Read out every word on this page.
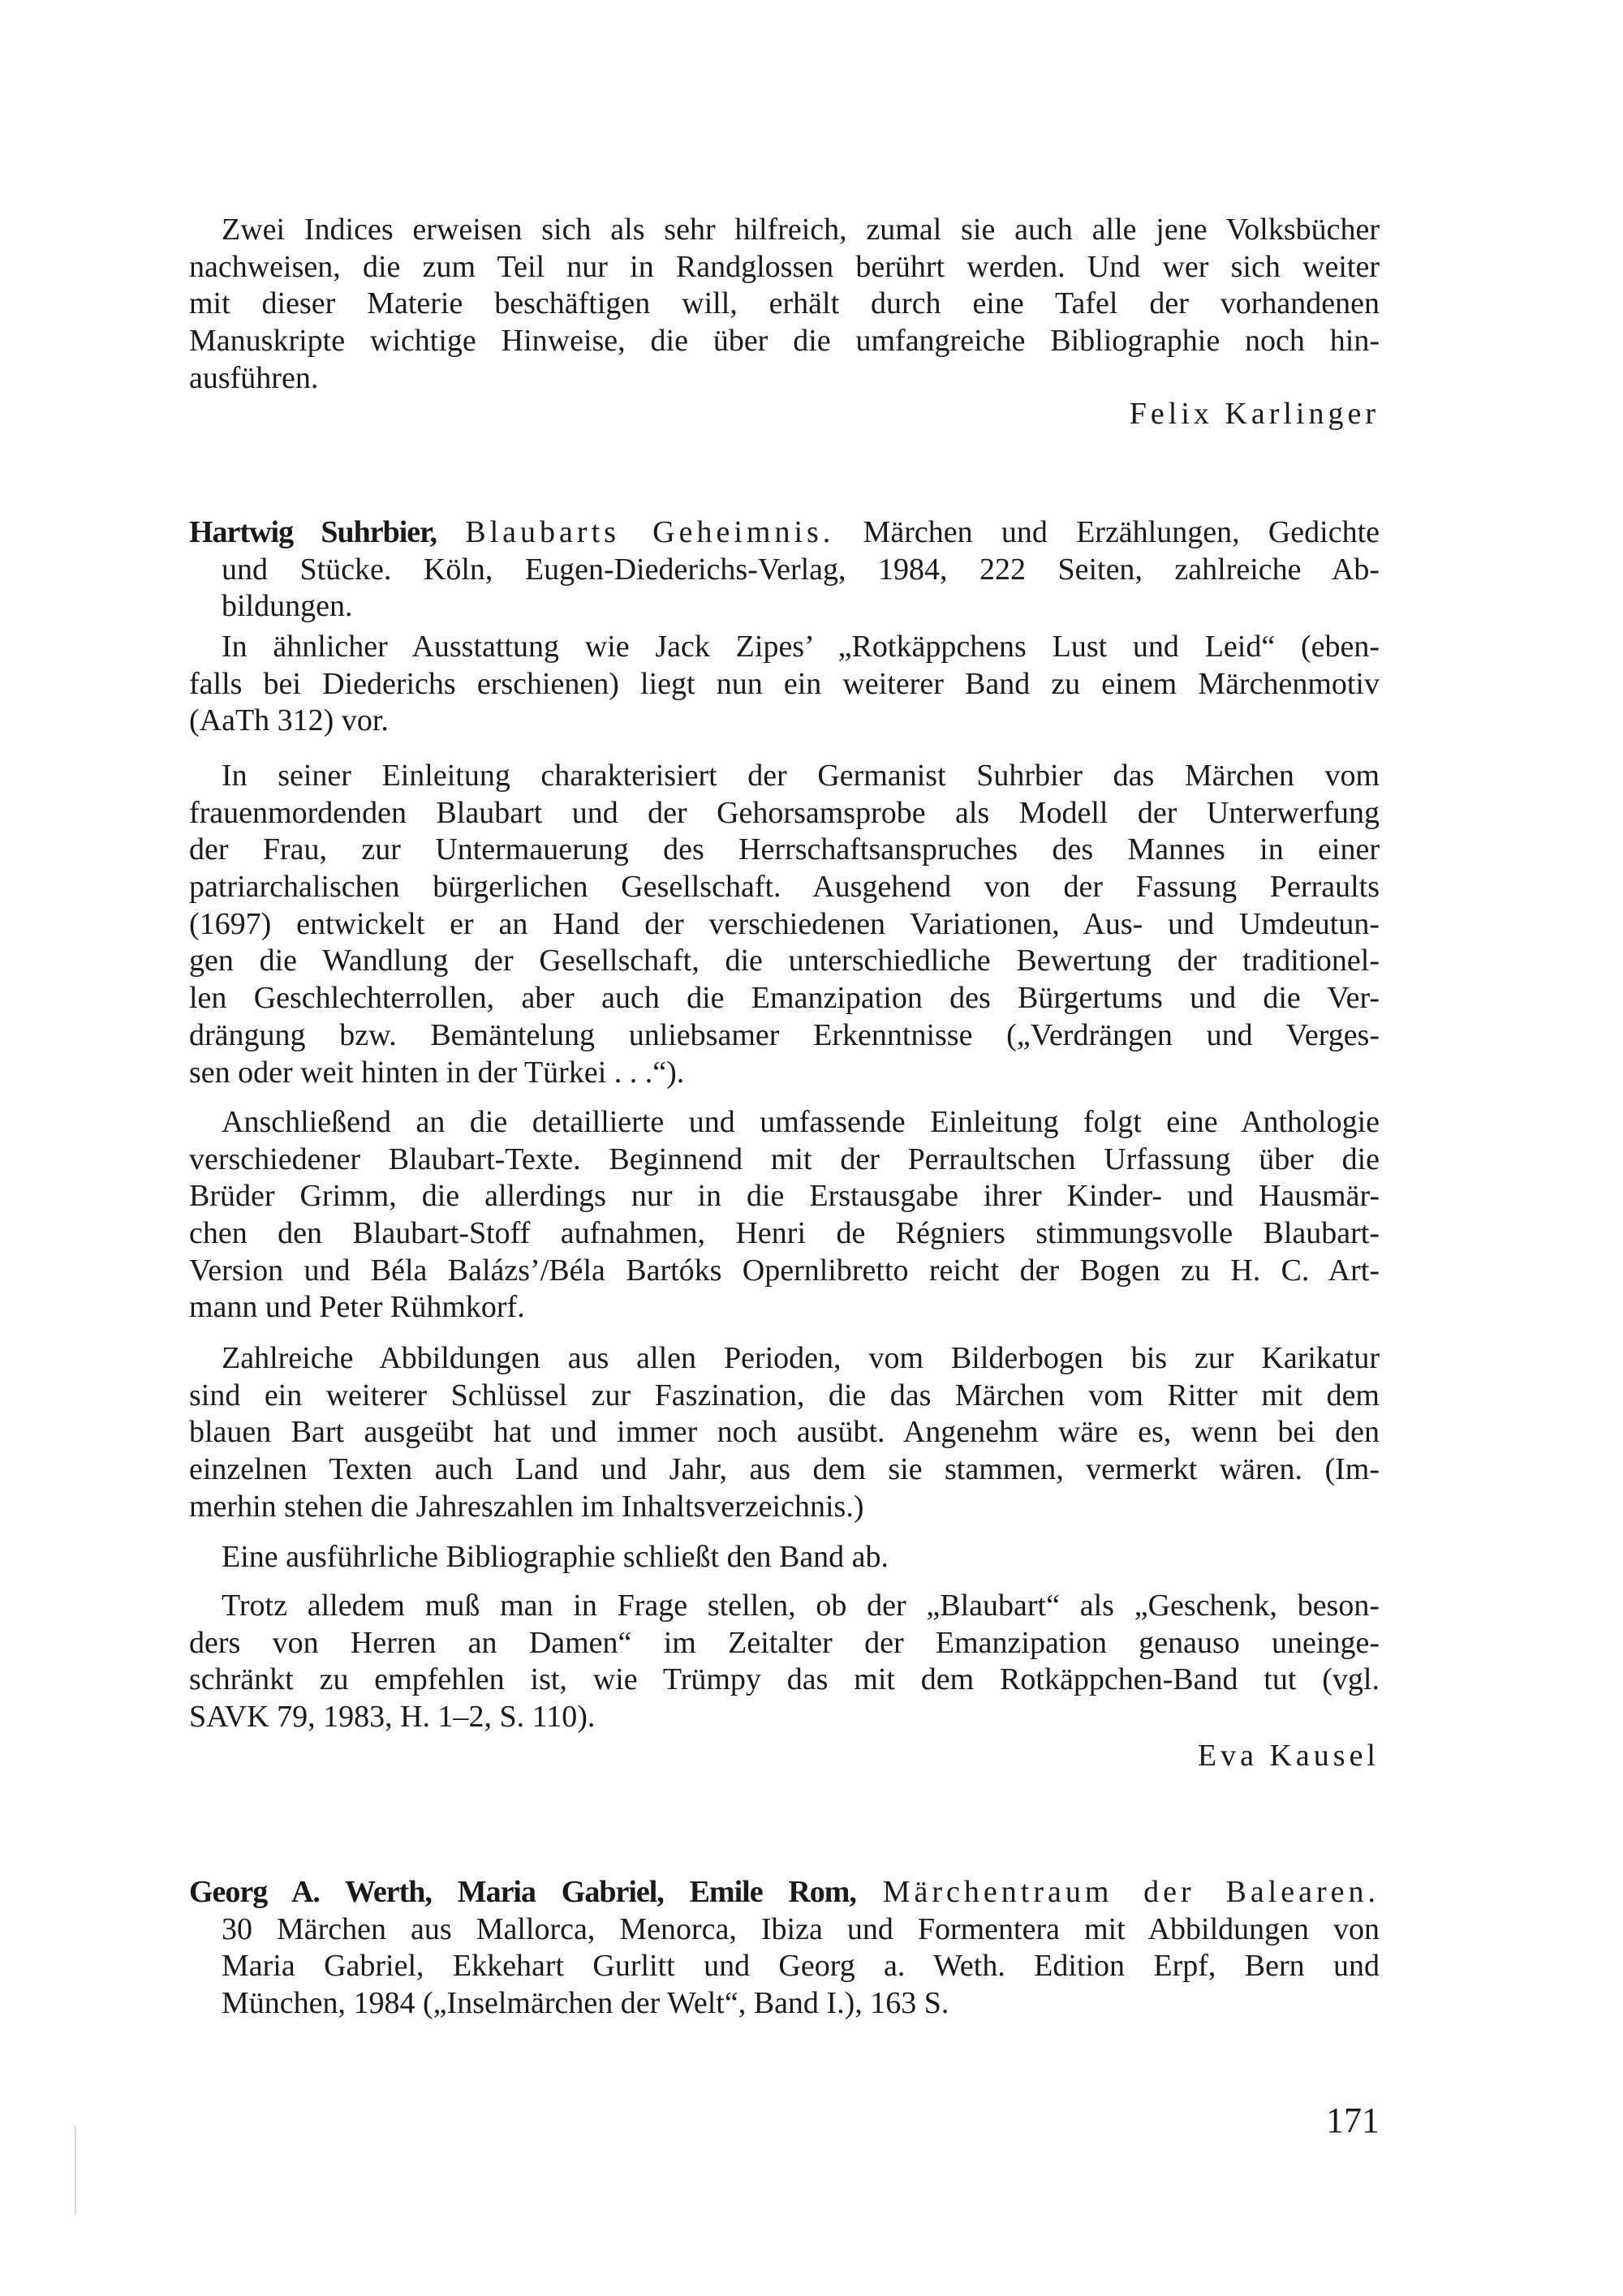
Zwei Indices erweisen sich als sehr hilfreich, zumal sie auch alle jene Volksbücher
nachweisen, die zum Teil nur in Randglossen berührt werden. Und wer sich weiter
mit dieser Materie beschäftigen will, erhält durch eine Tafel der vorhandenen
Manuskripte wichtige Hinweise, die über die umfangreiche Bibliographie noch hin-
ausführen.
Felix Karlinger
Hartwig Suhrbier, Blaubarts Geheimnis. Märchen und Erzählungen, Gedichte
und Stücke. Köln, Eugen-Diederichs-Verlag, 1984, 222 Seiten, zahlreiche Ab-
bildungen.
In ähnlicher Ausstattung wie Jack Zipes’ „Rotkäppchens Lust und Leid“ (eben-
falls bei Diederichs erschienen) liegt nun ein weiterer Band zu einem Märchenmotiv
(AaTh 312) vor.
In seiner Einleitung charakterisiert der Germanist Suhrbier das Märchen vom
frauenmordenden Blaubart und der Gehorsamsprobe als Modell der Unterwerfung
der Frau, zur Untermauerung des Herrschaftsanspruches des Mannes in einer
patriarchalischen bürgerlichen Gesellschaft. Ausgehend von der Fassung Perraults
(1697) entwickelt er an Hand der verschiedenen Variationen, Aus- und Umdeutun-
gen die Wandlung der Gesellschaft, die unterschiedliche Bewertung der traditionel-
len Geschlechterrollen, aber auch die Emanzipation des Bürgertums und die Ver-
drängung bzw. Bemäntelung unliebsamer Erkenntnisse („Verdrängen und Verges-
sen oder weit hinten in der Türkei . . .“).
Anschließend an die detaillierte und umfassende Einleitung folgt eine Anthologie
verschiedener Blaubart-Texte. Beginnend mit der Perraultschen Urfassung über die
Brüder Grimm, die allerdings nur in die Erstausgabe ihrer Kinder- und Hausmär-
chen den Blaubart-Stoff aufnahmen, Henri de Régniers stimmungsvolle Blaubart-
Version und Béla Balázs’/Béla Bartóks Opernlibretto reicht der Bogen zu H. C. Art-
mann und Peter Rühmkorf.
Zahlreiche Abbildungen aus allen Perioden, vom Bilderbogen bis zur Karikatur
sind ein weiterer Schlüssel zur Faszination, die das Märchen vom Ritter mit dem
blauen Bart ausgeübt hat und immer noch ausübt. Angenehm wäre es, wenn bei den
einzelnen Texten auch Land und Jahr, aus dem sie stammen, vermerkt wären. (Im-
merhin stehen die Jahreszahlen im Inhaltsverzeichnis.)
Eine ausführliche Bibliographie schließt den Band ab.
Trotz alledem muß man in Frage stellen, ob der „Blaubart“ als „Geschenk, beson-
ders von Herren an Damen“ im Zeitalter der Emanzipation genauso uneinge-
schränkt zu empfehlen ist, wie Trümpy das mit dem Rotkäppchen-Band tut (vgl.
SAVK 79, 1983, H. 1–2, S. 110).
Eva Kausel
Georg A. Werth, Maria Gabriel, Emile Rom, Märchentraum der Balearen.
30 Märchen aus Mallorca, Menorca, Ibiza und Formentera mit Abbildungen von
Maria Gabriel, Ekkehart Gurlitt und Georg a. Weth. Edition Erpf, Bern und
München, 1984 („Inselmärchen der Welt“, Band I.), 163 S.
171
